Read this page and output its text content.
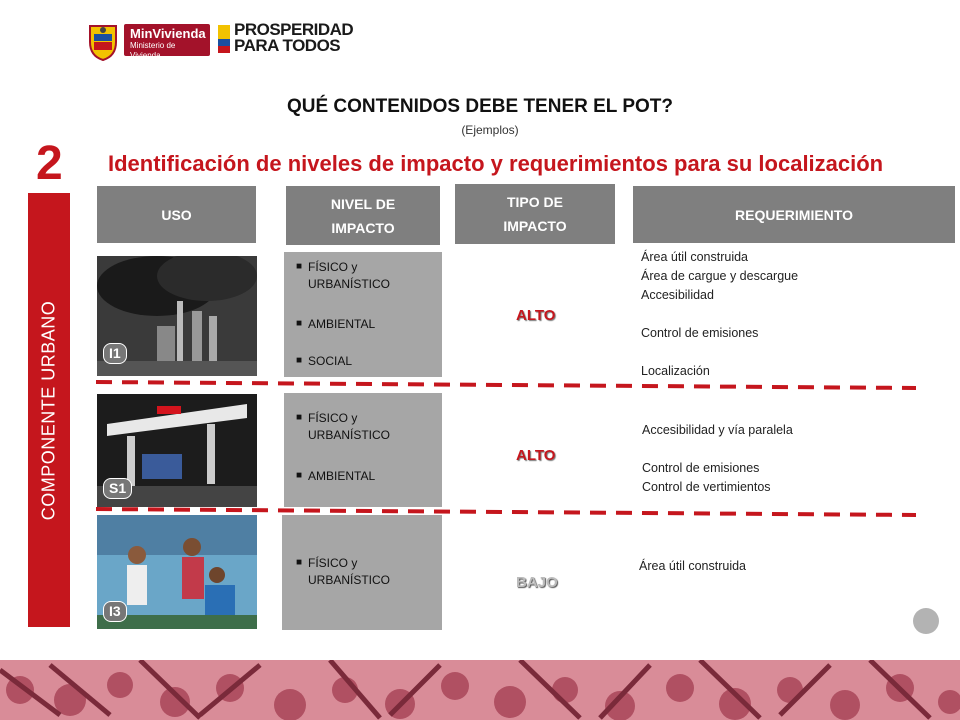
MinVivienda
Ministerio de Vivienda
PROSPERIDAD
PARA TODOS
QUÉ CONTENIDOS DEBE TENER EL POT?
(Ejemplos)
2 Identificación de niveles de impacto y requerimientos para su localización
COMPONENTE URBANO
USO
NIVEL DE
IMPACTO
TIPO DE
IMPACTO
REQUERIMIENTO
I1
■ FÍSICO y
URBANÍSTICO
■ AMBIENTAL
■ SOCIAL
ALTO
Área útil construida
Área de cargue y descargue
Accesibilidad
Control de emisiones
Localización
S1
■ FÍSICO y
URBANÍSTICO
■ AMBIENTAL
ALTO
Accesibilidad y vía paralela
Control de emisiones
Control de vertimientos
I3
■ FÍSICO y
URBANÍSTICO	BAJO
Área útil construida
